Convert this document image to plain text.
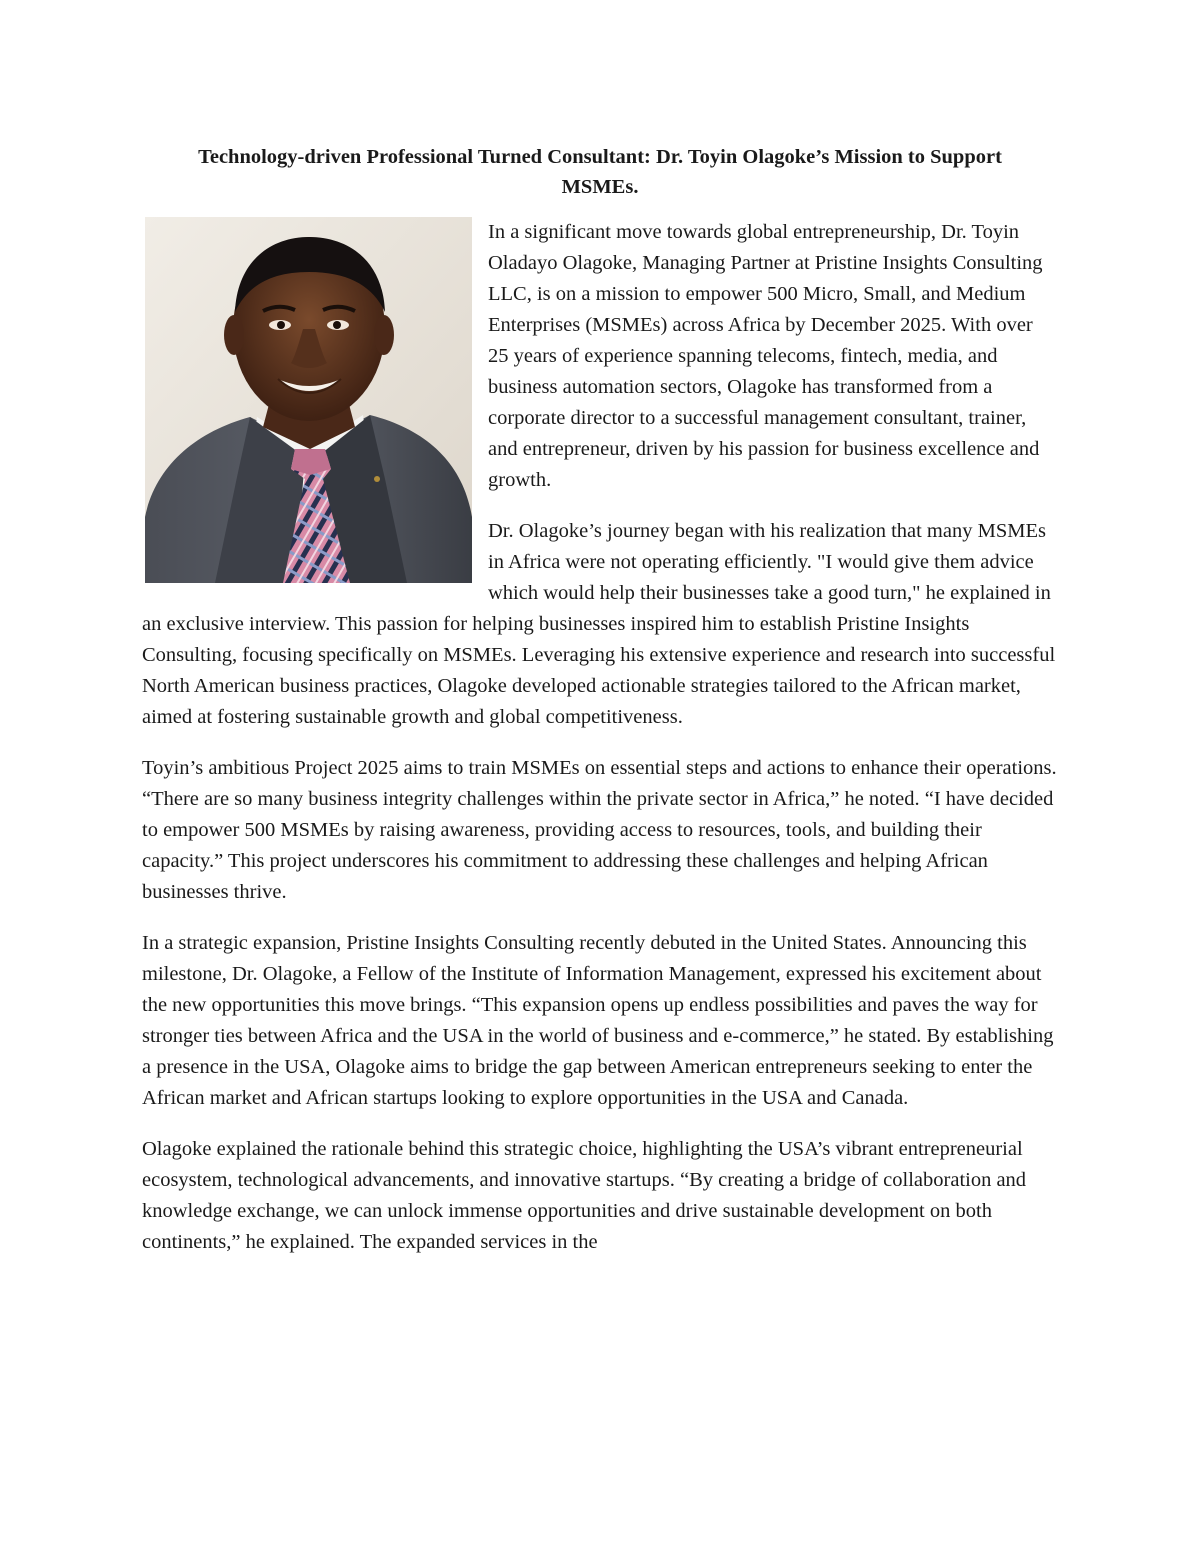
Technology-driven Professional Turned Consultant: Dr. Toyin Olagoke’s Mission to Support MSMEs.

In a significant move towards global entrepreneurship, Dr. Toyin Oladayo Olagoke, Managing Partner at Pristine Insights Consulting LLC, is on a mission to empower 500 Micro, Small, and Medium Enterprises (MSMEs) across Africa by December 2025. With over 25 years of experience spanning telecoms, fintech, media, and business automation sectors, Olagoke has transformed from a corporate director to a successful management consultant, trainer, and entrepreneur, driven by his passion for business excellence and growth.

Dr. Olagoke’s journey began with his realization that many MSMEs in Africa were not operating efficiently. "I would give them advice which would help their businesses take a good turn," he explained in an exclusive interview. This passion for helping businesses inspired him to establish Pristine Insights Consulting, focusing specifically on MSMEs. Leveraging his extensive experience and research into successful North American business practices, Olagoke developed actionable strategies tailored to the African market, aimed at fostering sustainable growth and global competitiveness.

Toyin’s ambitious Project 2025 aims to train MSMEs on essential steps and actions to enhance their operations. “There are so many business integrity challenges within the private sector in Africa,” he noted. “I have decided to empower 500 MSMEs by raising awareness, providing access to resources, tools, and building their capacity.” This project underscores his commitment to addressing these challenges and helping African businesses thrive.

In a strategic expansion, Pristine Insights Consulting recently debuted in the United States. Announcing this milestone, Dr. Olagoke, a Fellow of the Institute of Information Management, expressed his excitement about the new opportunities this move brings. “This expansion opens up endless possibilities and paves the way for stronger ties between Africa and the USA in the world of business and e-commerce,” he stated. By establishing a presence in the USA, Olagoke aims to bridge the gap between American entrepreneurs seeking to enter the African market and African startups looking to explore opportunities in the USA and Canada.

Olagoke explained the rationale behind this strategic choice, highlighting the USA’s vibrant entrepreneurial ecosystem, technological advancements, and innovative startups. “By creating a bridge of collaboration and knowledge exchange, we can unlock immense opportunities and drive sustainable development on both continents,” he explained. The expanded services in the
